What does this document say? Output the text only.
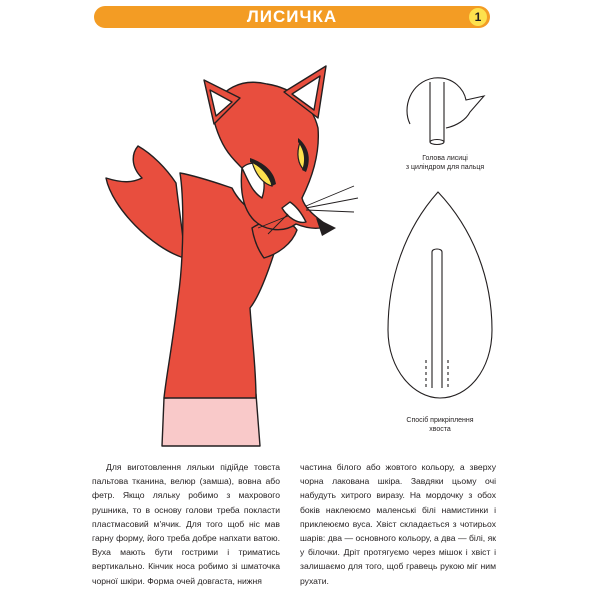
ЛИСИЧКА	1
Голова лисиці
з циліндром для пальця
Спосіб прикріплення
хвоста

Для виготовлення ляльки підійде товста пальтова тканина, велюр (замша), вовна або фетр. Якщо ляльку робимо з махрового рушника, то в основу голови треба покласти пластмасовий м'ячик. Для того щоб ніс мав гарну форму, його треба добре напхати ватою. Вуха мають бути гострими і триматись вертикально. Кінчик носа робимо зі шматочка чорної шкіри. Форма очей довгаста, нижня

частина білого або жовтого кольору, а зверху чорна лакована шкіра. Завдяки цьому очі набудуть хитрого виразу. На мордочку з обох боків наклеюємо маленські білі намистинки і приклеюємо вуса. Хвіст складається з чотирьох шарів: два — основного кольору, а два — білі, як у білочки. Дріт протягуємо через мішок і хвіст і залишаємо для того, щоб гравець рукою міг ним рухати.
